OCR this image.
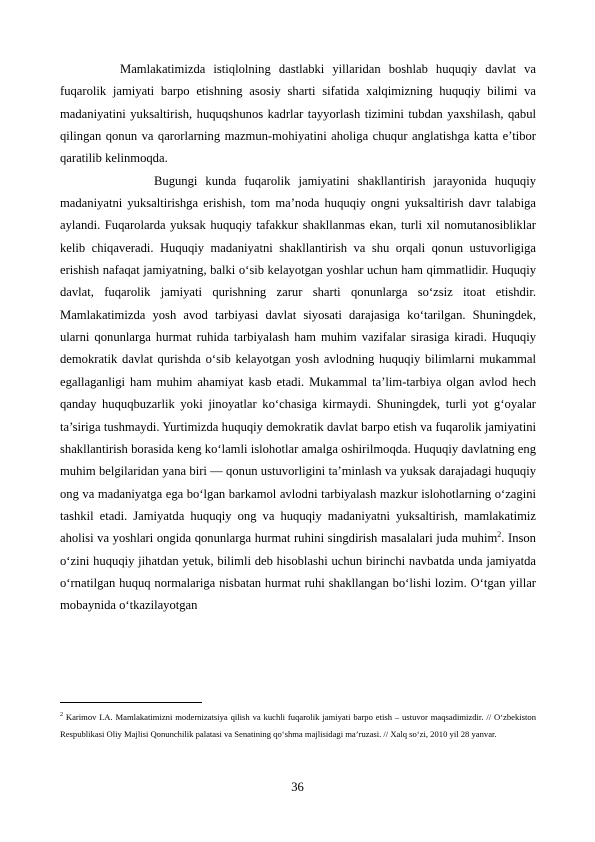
Mamlakatimizda istiqlolning dastlabki yillaridan boshlab huquqiy davlat va fuqarolik jamiyati barpo etishning asosiy sharti sifatida xalqimizning huquqiy bilimi va madaniyatini yuksaltirish, huquqshunos kadrlar tayyorlash tizimini tubdan yaxshilash, qabul qilingan qonun va qarorlarning mazmun-mohiyatini aholiga chuqur anglatishga katta e’tibor qaratilib kelinmoqda.

Bugungi kunda fuqarolik jamiyatini shakllantirish jarayonida huquqiy madaniyatni yuksaltirishga erishish, tom ma’noda huquqiy ongni yuksaltirish davr talabiga aylandi. Fuqarolarda yuksak huquqiy tafakkur shakllanmas ekan, turli xil nomutanosibliklar kelib chiqaveradi. Huquqiy madaniyatni shakllantirish va shu orqali qonun ustuvorligiga erishish nafaqat jamiyatning, balki o‘sib kelayotgan yoshlar uchun ham qimmatlidir. Huquqiy davlat, fuqarolik jamiyati qurishning zarur sharti qonunlarga so‘zsiz itoat etishdir. Mamlakatimizda yosh avod tarbiyasi davlat siyosati darajasiga ko‘tarilgan. Shuningdek, ularni qonunlarga hurmat ruhida tarbiyalash ham muhim vazifalar sirasiga kiradi. Huquqiy demokratik davlat qurishda o‘sib kelayotgan yosh avlodning huquqiy bilimlarni mukammal egallaganligi ham muhim ahamiyat kasb etadi. Mukammal ta’lim-tarbiya olgan avlod hech qanday huquqbuzarlik yoki jinoyatlar ko‘chasiga kirmaydi. Shuningdek, turli yot g‘oyalar ta’siriga tushmaydi. Yurtimizda huquqiy demokratik davlat barpo etish va fuqarolik jamiyatini shakllantirish borasida keng ko‘lamli islohotlar amalga oshirilmoqda. Huquqiy davlatning eng muhim belgilaridan yana biri — qonun ustuvorligini ta’minlash va yuksak darajadagi huquqiy ong va madaniyatga ega bo‘lgan barkamol avlodni tarbiyalash mazkur islohotlarning o‘zagini tashkil etadi. Jamiyatda huquqiy ong va huquqiy madaniyatni yuksaltirish, mamlakatimiz aholisi va yoshlari ongida qonunlarga hurmat ruhini singdirish masalalari juda muhim$^2$. Inson o‘zini huquqiy jihatdan yetuk, bilimli deb hisoblashi uchun birinchi navbatda unda jamiyatda o‘rnatilgan huquq normalariga nisbatan hurmat ruhi shakllangan bo‘lishi lozim. O‘tgan yillar mobaynida o‘tkazilayotgan

$^2$ Karimov I.A. Mamlakatimizni modernizatsiya qilish va kuchli fuqarolik jamiyati barpo etish – ustuvor maqsadimizdir. // O‘zbekiston Respublikasi Oliy Majlisi Qonunchilik palatasi va Senatining qo‘shma majlisidagi ma’ruzasi. // Xalq so‘zi, 2010 yil 28 yanvar.
36
